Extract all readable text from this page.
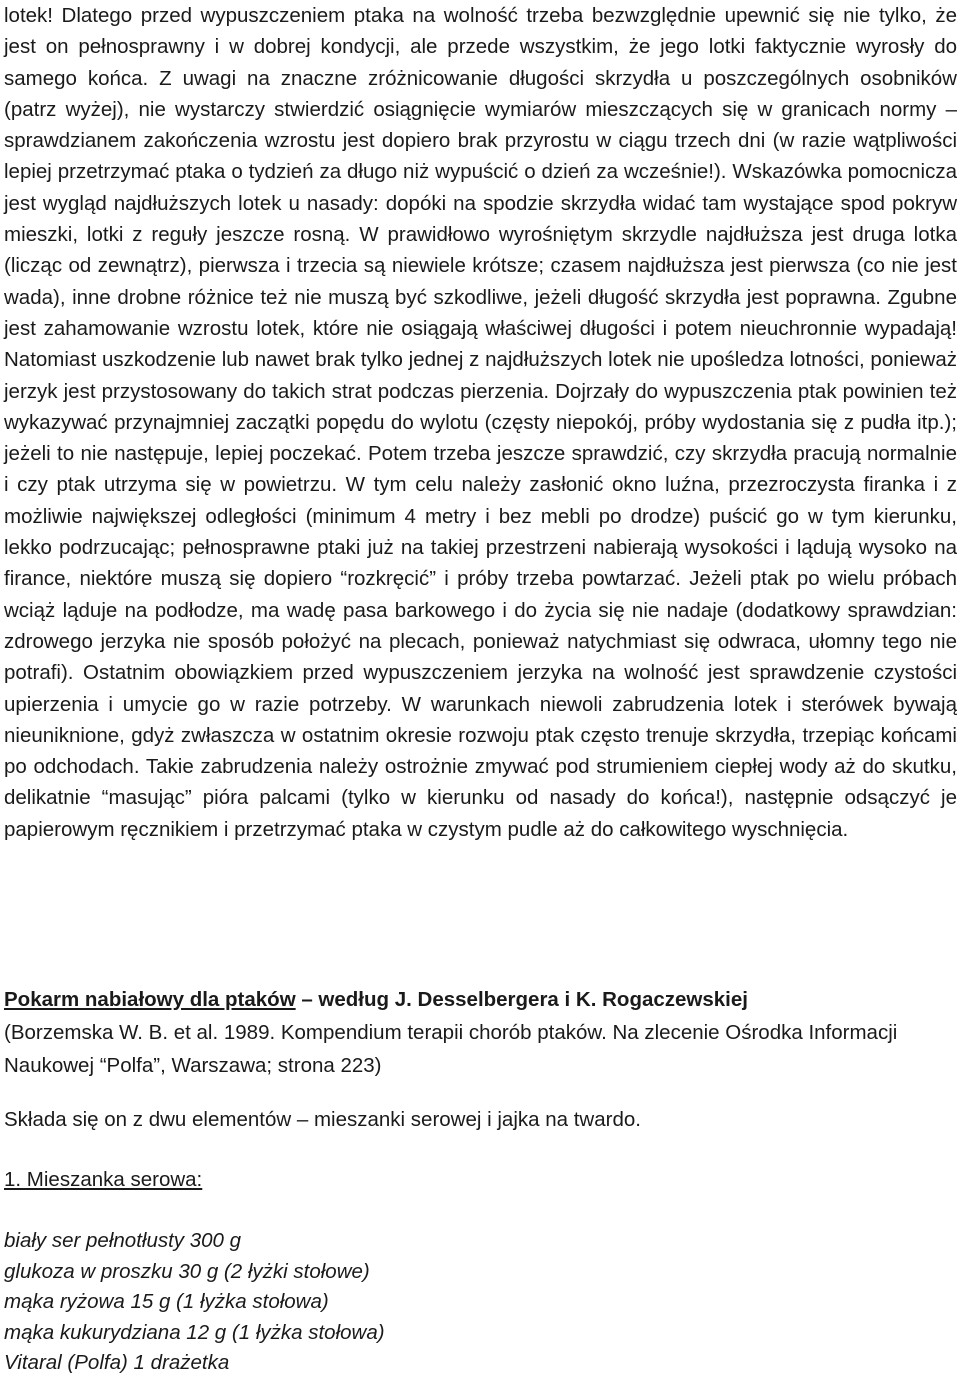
lotek! Dlatego przed wypuszczeniem ptaka na wolność trzeba bezwzględnie upewnić się nie tylko, że jest on pełnosprawny i w dobrej kondycji, ale przede wszystkim, że jego lotki faktycznie wyrosły do samego końca. Z uwagi na znaczne zróżnicowanie długości skrzydła u poszczególnych osobników (patrz wyżej), nie wystarczy stwierdzić osiągnięcie wymiarów mieszczących się w granicach normy – sprawdzianem zakończenia wzrostu jest dopiero brak przyrostu w ciągu trzech dni (w razie wątpliwości lepiej przetrzymać ptaka o tydzień za długo niż wypuścić o dzień za wcześnie!). Wskazówka pomocnicza jest wygląd najdłuższych lotek u nasady: dopóki na spodzie skrzydła widać tam wystające spod pokryw mieszki, lotki z reguły jeszcze rosną. W prawidłowo wyrośniętym skrzydle najdłuższa jest druga lotka (licząc od zewnątrz), pierwsza i trzecia są niewiele krótsze; czasem najdłuższa jest pierwsza (co nie jest wada), inne drobne różnice też nie muszą być szkodliwe, jeżeli długość skrzydła jest poprawna. Zgubne jest zahamowanie wzrostu lotek, które nie osiągają właściwej długości i potem nieuchronnie wypadają! Natomiast uszkodzenie lub nawet brak tylko jednej z najdłuższych lotek nie upośledza lotności, ponieważ jerzyk jest przystosowany do takich strat podczas pierzenia. Dojrzały do wypuszczenia ptak powinien też wykazywać przynajmniej zaczątki popędu do wylotu (częsty niepokój, próby wydostania się z pudła itp.); jeżeli to nie następuje, lepiej poczekać. Potem trzeba jeszcze sprawdzić, czy skrzydła pracują normalnie i czy ptak utrzyma się w powietrzu. W tym celu należy zasłonić okno luźna, przezroczysta firanka i z możliwie największej odległości (minimum 4 metry i bez mebli po drodze) puścić go w tym kierunku, lekko podrzucając; pełnosprawne ptaki już na takiej przestrzeni nabierają wysokości i lądują wysoko na firance, niektóre muszą się dopiero “rozkręcić” i próby trzeba powtarzać. Jeżeli ptak po wielu próbach wciąż ląduje na podłodze, ma wadę pasa barkowego i do życia się nie nadaje (dodatkowy sprawdzian: zdrowego jerzyka nie sposób położyć na plecach, ponieważ natychmiast się odwraca, ułomny tego nie potrafi). Ostatnim obowiązkiem przed wypuszczeniem jerzyka na wolność jest sprawdzenie czystości upierzenia i umycie go w razie potrzeby. W warunkach niewoli zabrudzenia lotek i sterówek bywają nieuniknione, gdyż zwłaszcza w ostatnim okresie rozwoju ptak często trenuje skrzydła, trzepiąc końcami po odchodach. Takie zabrudzenia należy ostrożnie zmywać pod strumieniem ciepłej wody aż do skutku, delikatnie “masując” pióra palcami (tylko w kierunku od nasady do końca!), następnie odsączyć je papierowym ręcznikiem i przetrzymać ptaka w czystym pudle aż do całkowitego wyschnięcia.

Pokarm nabiałowy dla ptaków – według J. Desselbergera i K. Rogaczewskiej
(Borzemska W. B. et al. 1989. Kompendium terapii chorób ptaków. Na zlecenie Ośrodka Informacji Naukowej “Polfa”, Warszawa; strona 223)

Składa się on z dwu elementów – mieszanki serowej i jajka na twardo.

1. Mieszanka serowa:

biały ser pełnotłusty 300 g
glukoza w proszku 30 g (2 łyżki stołowe)
mąka ryżowa 15 g (1 łyżka stołowa)
mąka kukurydziana 12 g (1 łyżka stołowa)
Vitaral (Polfa) 1 drażetka
